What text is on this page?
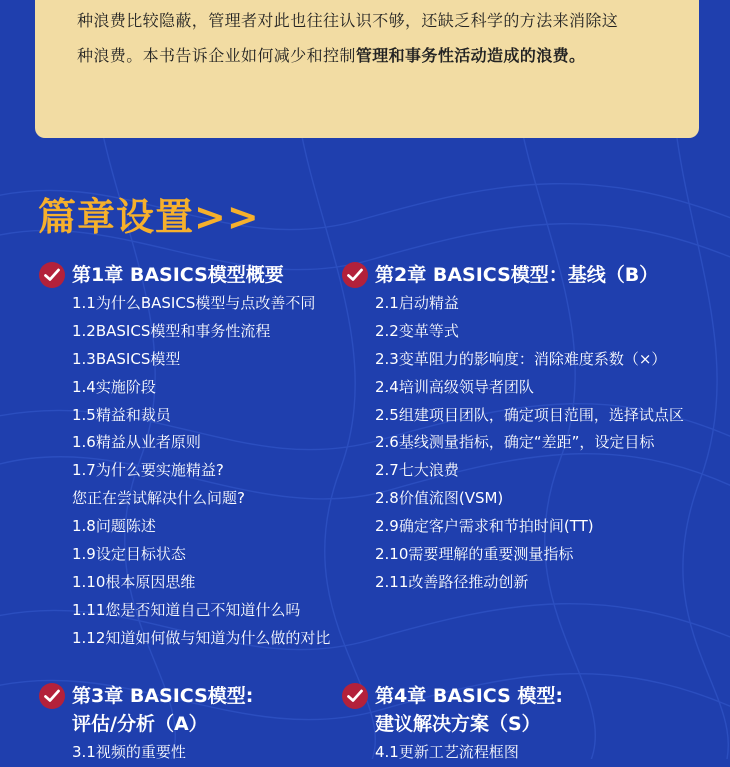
种浪费比较隐蔽，管理者对此也往往认识不够，还缺乏科学的方法来消除这
种浪费。本书告诉企业如何减少和控制管理和事务性活动造成的浪费。
篇章设置>>
第1章 BASICS模型概要
1.1为什么BASICS模型与点改善不同
1.2BASICS模型和事务性流程
1.3BASICS模型
1.4实施阶段
1.5精益和裁员
1.6精益从业者原则
1.7为什么要实施精益?
您正在尝试解决什么问题?
1.8问题陈述
1.9设定目标状态
1.10根本原因思维
1.11您是否知道自己不知道什么吗
1.12知道如何做与知道为什么做的对比
第2章 BASICS模型：基线（B）
2.1启动精益
2.2变革等式
2.3变革阻力的影响度：消除难度系数（×）
2.4培训高级领导者团队
2.5组建项目团队，确定项目范围，选择试点区
2.6基线测量指标，确定“差距”，设定目标
2.7七大浪费
2.8价值流图(VSM)
2.9确定客户需求和节拍时间(TT)
2.10需要理解的重要测量指标
2.11改善路径推动创新
第3章 BASICS模型:
评估/分析（A）
3.1视频的重要性
第4章 BASICS 模型:
建议解决方案（S）
4.1更新工艺流程框图
